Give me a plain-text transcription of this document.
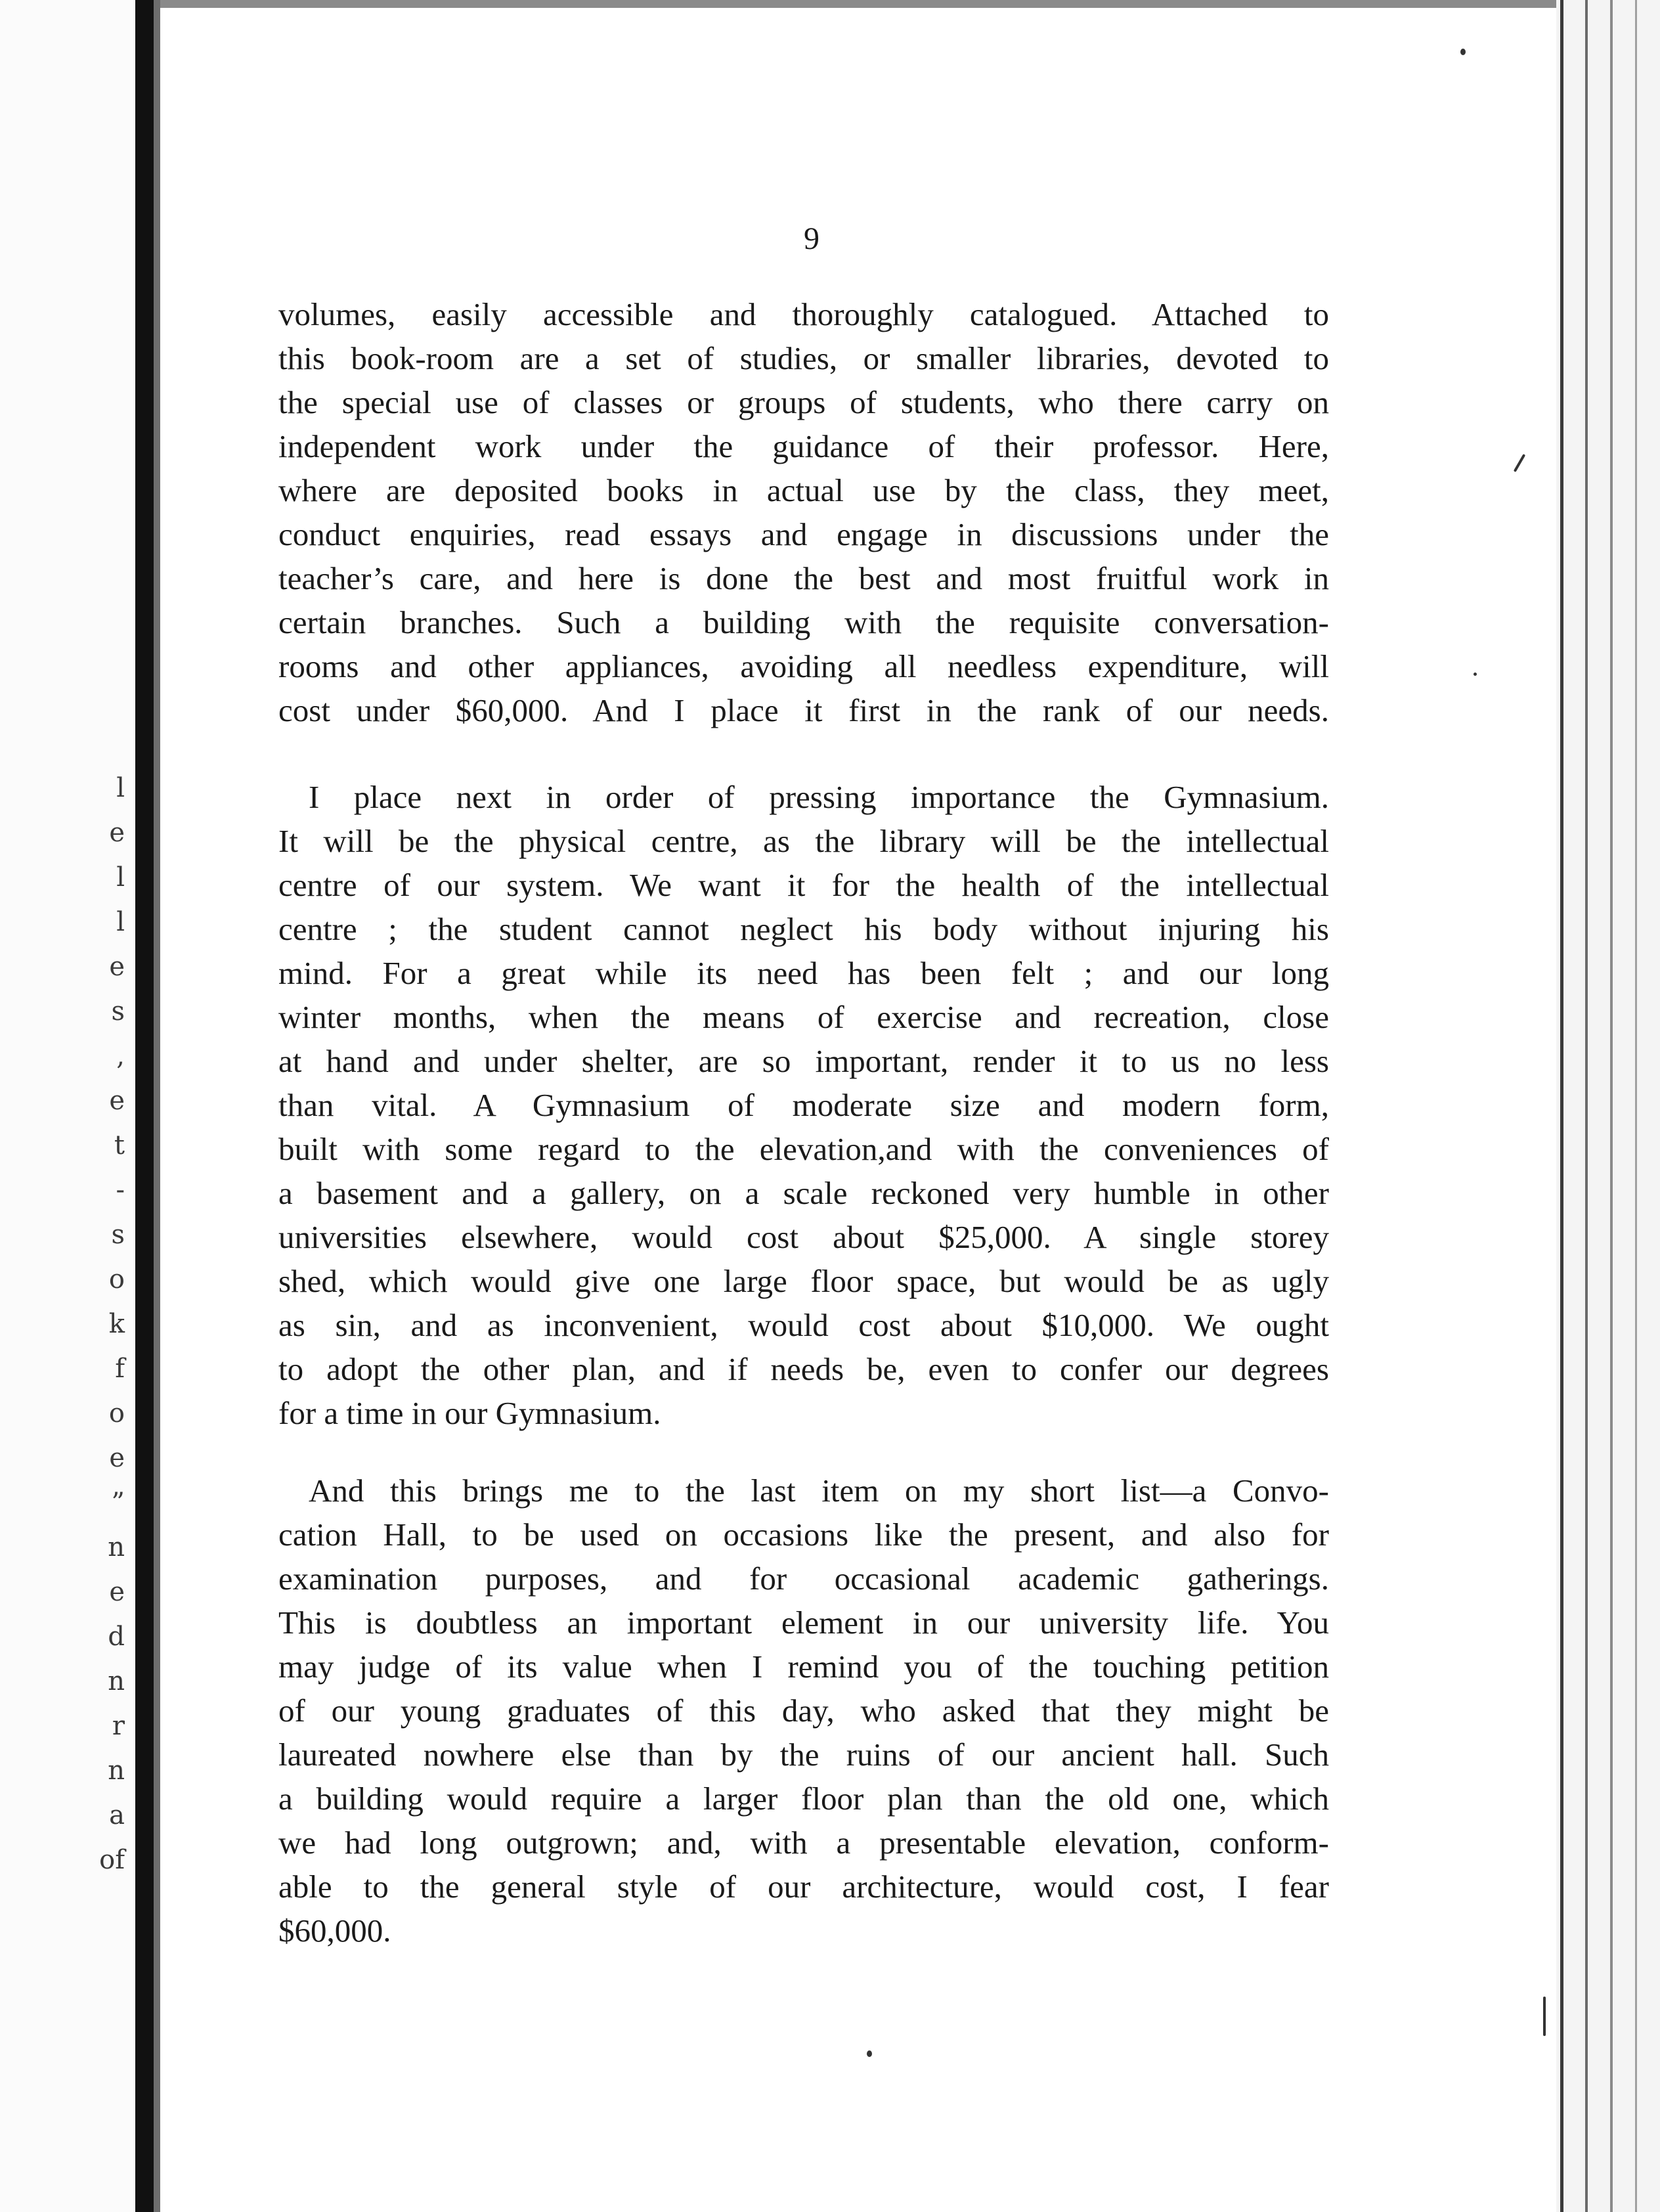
l
e
l
l
e
s
,
e
t
-
s
o
k
f
o
e
”
n
e
d
n
r
n
a
of
9
volumes, easily accessible and thoroughly catalogued. Attached to
this book-room are a set of studies, or smaller libraries, devoted to
the special use of classes or groups of students, who there carry on
independent work under the guidance of their professor. Here,
where are deposited books in actual use by the class, they meet,
conduct enquiries, read essays and engage in discussions under the
teacher’s care, and here is done the best and most fruitful work in
certain branches. Such a building with the requisite conversation-
rooms and other appliances, avoiding all needless expenditure, will
cost under $60,000. And I place it first in the rank of our needs.
I place next in order of pressing importance the Gymnasium.
It will be the physical centre, as the library will be the intellectual
centre of our system. We want it for the health of the intellectual
centre ; the student cannot neglect his body without injuring his
mind. For a great while its need has been felt ; and our long
winter months, when the means of exercise and recreation, close
at hand and under shelter, are so important, render it to us no less
than vital. A Gymnasium of moderate size and modern form,
built with some regard to the elevation,and with the conveniences of
a basement and a gallery, on a scale reckoned very humble in other
universities elsewhere, would cost about $25,000. A single storey
shed, which would give one large floor space, but would be as ugly
as sin, and as inconvenient, would cost about $10,000. We ought
to adopt the other plan, and if needs be, even to confer our degrees
for a time in our Gymnasium.
And this brings me to the last item on my short list—a Convo-
cation Hall, to be used on occasions like the present, and also for
examination purposes, and for occasional academic gatherings.
This is doubtless an important element in our university life. You
may judge of its value when I remind you of the touching petition
of our young graduates of this day, who asked that they might be
laureated nowhere else than by the ruins of our ancient hall. Such
a building would require a larger floor plan than the old one, which
we had long outgrown; and, with a presentable elevation, conform-
able to the general style of our architecture, would cost, I fear
$60,000.
